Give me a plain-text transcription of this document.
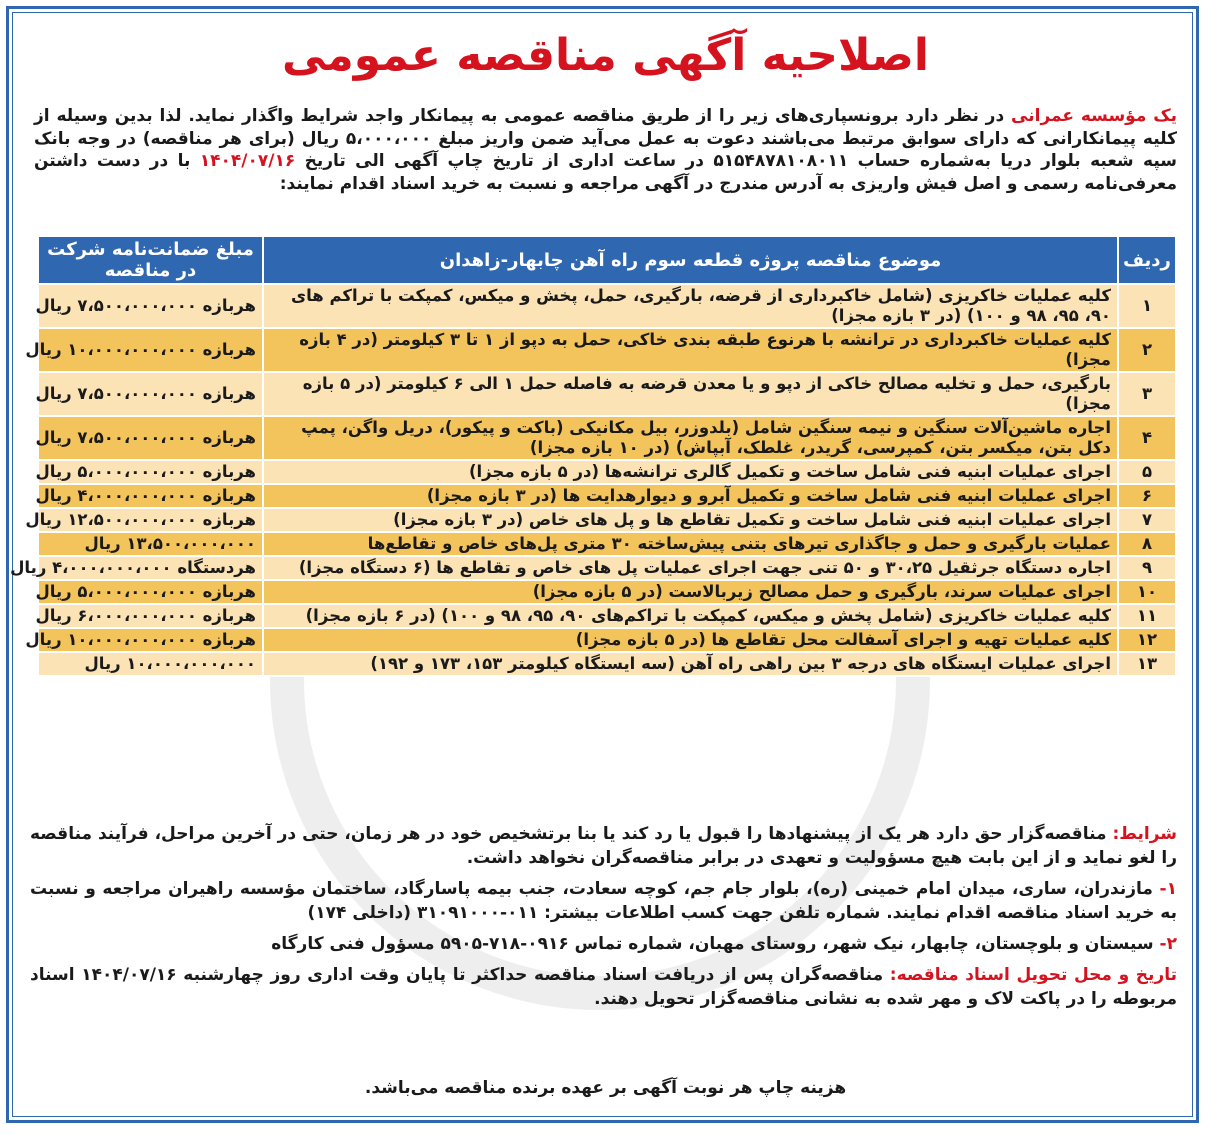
اصلاحیه آگهی مناقصه عمومی
یک مؤسسه عمرانی در نظر دارد برونسپاری‌های زیر را از طریق مناقصه عمومی به پیمانکار واجد شرایط واگذار نماید. لذا بدین وسیله از کلیه پیمانکارانی که دارای سوابق مرتبط می‌باشند دعوت به عمل می‌آید ضمن واریز مبلغ ۵،۰۰۰،۰۰۰ ریال (برای هر مناقصه) در وجه بانک سپه شعبه بلوار دریا به‌شماره حساب ۵۱۵۴۸۷۸۱۰۸۰۱۱ در ساعت اداری از تاریخ چاپ آگهی الی تاریخ ۱۴۰۴/۰۷/۱۶ با در دست داشتن معرفی‌نامه رسمی و اصل فیش واریزی به آدرس مندرج در آگهی مراجعه و نسبت به خرید اسناد اقدام نمایند:
ردیف	موضوع مناقصه پروژه قطعه سوم راه آهن چابهار-زاهدان	مبلغ ضمانت‌نامه شرکت در مناقصه
۱	کلیه عملیات خاکریزی (شامل خاکبرداری از قرضه، بارگیری، حمل، پخش و میکس، کمپکت با تراکم های ۹۰، ۹۵، ۹۸ و ۱۰۰) (در ۳ بازه مجزا)	هربازه ۷،۵۰۰،۰۰۰،۰۰۰ ریال
۲	کلیه عملیات خاکبرداری در ترانشه با هرنوع طبقه بندی خاکی، حمل به دپو از ۱ تا ۳ کیلومتر (در ۴ بازه مجزا)	هربازه ۱۰،۰۰۰،۰۰۰،۰۰۰ ریال
۳	بارگیری، حمل و تخلیه مصالح خاکی از دپو و یا معدن قرضه به فاصله حمل ۱ الی ۶ کیلومتر (در ۵ بازه مجزا)	هربازه ۷،۵۰۰،۰۰۰،۰۰۰ ریال
۴	اجاره ماشین‌آلات سنگین و نیمه سنگین شامل (بلدوزر، بیل مکانیکی (باکت و پیکور)، دریل واگن، پمپ دکل بتن، میکسر بتن، کمپرسی، گریدر، غلطک، آبپاش) (در ۱۰ بازه مجزا)	هربازه ۷،۵۰۰،۰۰۰،۰۰۰ ریال
۵	اجرای عملیات ابنیه فنی شامل ساخت و تکمیل گالری ترانشه‌ها (در ۵ بازه مجزا)	هربازه ۵،۰۰۰،۰۰۰،۰۰۰ ریال
۶	اجرای عملیات ابنیه فنی شامل ساخت و تکمیل آبرو و دیوارهدایت ها (در ۳ بازه مجزا)	هربازه ۴،۰۰۰،۰۰۰،۰۰۰ ریال
۷	اجرای عملیات ابنیه فنی شامل ساخت و تکمیل تقاطع ها و پل های خاص (در ۳ بازه مجزا)	هربازه ۱۲،۵۰۰،۰۰۰،۰۰۰ ریال
۸	عملیات بارگیری و حمل و جاگذاری تیرهای بتنی پیش‌ساخته ۳۰ متری پل‌های خاص و تقاطع‌ها	۱۳،۵۰۰،۰۰۰،۰۰۰ ریال
۹	اجاره دستگاه جرثقیل ۳۰،۲۵ و ۵۰ تنی جهت اجرای عملیات پل های خاص و تقاطع ها (۶ دستگاه مجزا)	هردستگاه ۴،۰۰۰،۰۰۰،۰۰۰ ریال
۱۰	اجرای عملیات سرند، بارگیری و حمل مصالح زیربالاست (در ۵ بازه مجزا)	هربازه ۵،۰۰۰،۰۰۰،۰۰۰ ریال
۱۱	کلیه عملیات خاکریزی (شامل پخش و میکس، کمپکت با تراکم‌های ۹۰، ۹۵، ۹۸ و ۱۰۰) (در ۶ بازه مجزا)	هربازه ۶،۰۰۰،۰۰۰،۰۰۰ ریال
۱۲	کلیه عملیات تهیه و اجرای آسفالت محل تقاطع ها (در ۵ بازه مجزا)	هربازه ۱۰،۰۰۰،۰۰۰،۰۰۰ ریال
۱۳	اجرای عملیات ایستگاه های درجه ۳ بین راهی راه آهن (سه ایستگاه کیلومتر ۱۵۳، ۱۷۳ و ۱۹۲)	۱۰،۰۰۰،۰۰۰،۰۰۰ ریال

شرایط: مناقصه‌گزار حق دارد هر یک از پیشنهادها را قبول یا رد کند یا بنا برتشخیص خود در هر زمان، حتی در آخرین مراحل، فرآیند مناقصه را لغو نماید و از این بابت هیچ مسؤولیت و تعهدی در برابر مناقصه‌گران نخواهد داشت.

۱- مازندران، ساری، میدان امام خمینی (ره)، بلوار جام جم، کوچه سعادت، جنب بیمه پاسارگاد، ساختمان مؤسسه راهیران مراجعه و نسبت به خرید اسناد مناقصه اقدام نمایند. شماره تلفن جهت کسب اطلاعات بیشتر: ۰۱۱-۳۱۰۹۱۰۰۰ (داخلی ۱۷۴)

۲- سیستان و بلوچستان، چابهار، نیک شهر، روستای مهبان، شماره تماس ۰۹۱۶-۷۱۸-۵۹۰۵ مسؤول فنی کارگاه

تاریخ و محل تحویل اسناد مناقصه: مناقصه‌گران پس از دریافت اسناد مناقصه حداکثر تا پایان وقت اداری روز چهارشنبه ۱۴۰۴/۰۷/۱۶ اسناد مربوطه را در پاکت لاک و مهر شده به نشانی مناقصه‌گزار تحویل دهند.

هزینه چاپ هر نوبت آگهی بر عهده برنده مناقصه می‌باشد.
